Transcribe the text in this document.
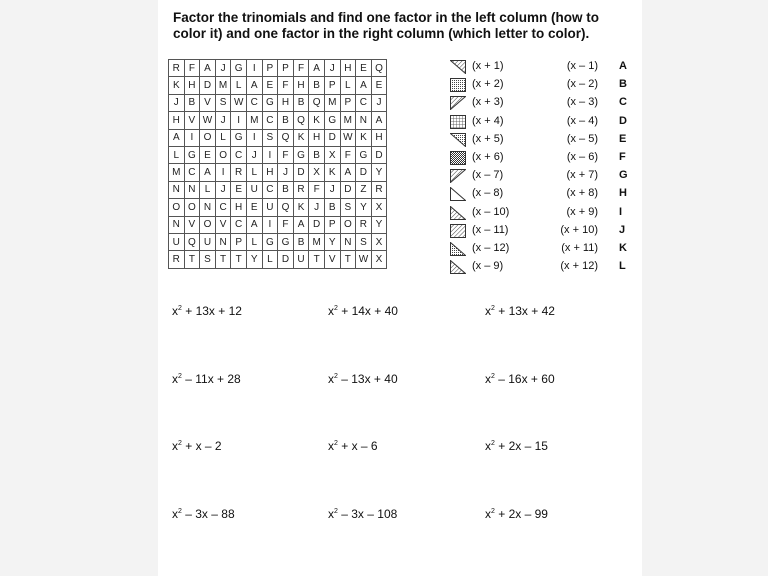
Factor the trinomials and find one factor in the left column (how to color it) and one factor in the right column (which letter to color).

R	F	A	J	G	I	P	P	F	A	J	H	E	Q
K	H	D	M	L	A	E	F	H	B	P	L	A	E
J	B	V	S	W	C	G	H	B	Q	M	P	C	J
H	V	W	J	I	M	C	B	Q	K	G	M	N	A
A	I	O	L	G	I	S	Q	K	H	D	W	K	H
L	G	E	O	C	J	I	F	G	B	X	F	G	D
M	C	A	I	R	L	H	J	D	X	K	A	D	Y
N	N	L	J	E	U	C	B	R	F	J	D	Z	R
O	O	N	C	H	E	U	Q	K	J	B	S	Y	X
N	V	O	V	C	A	I	F	A	D	P	O	R	Y
U	Q	U	N	P	L	G	G	B	M	Y	N	S	X
R	T	S	T	T	Y	L	D	U	T	V	T	W	X
(x + 1)	(x – 1) A
(x + 2)	(x – 2) B
(x + 3)	(x – 3) C
(x + 4)	(x – 4) D
(x + 5)	(x – 5) E
(x + 6)	(x – 6) F
(x – 7)	(x + 7) G
(x – 8)	(x + 8) H
(x – 10)	(x + 9) I
(x – 11)	(x + 10) J
(x – 12)	(x + 11) K
(x – 9)	(x + 12) L
$x^2 + 13x + 12$	$x^2 + 14x + 40$	$x^2 + 13x + 42$
$x^2 - 11x + 28$	$x^2 - 13x + 40$	$x^2 - 16x + 60$
$x^2 + x - 2$	$x^2 + x - 6$	$x^2 + 2x - 15$
$x^2 - 3x - 88$	$x^2 - 3x - 108$	$x^2 + 2x - 99$
